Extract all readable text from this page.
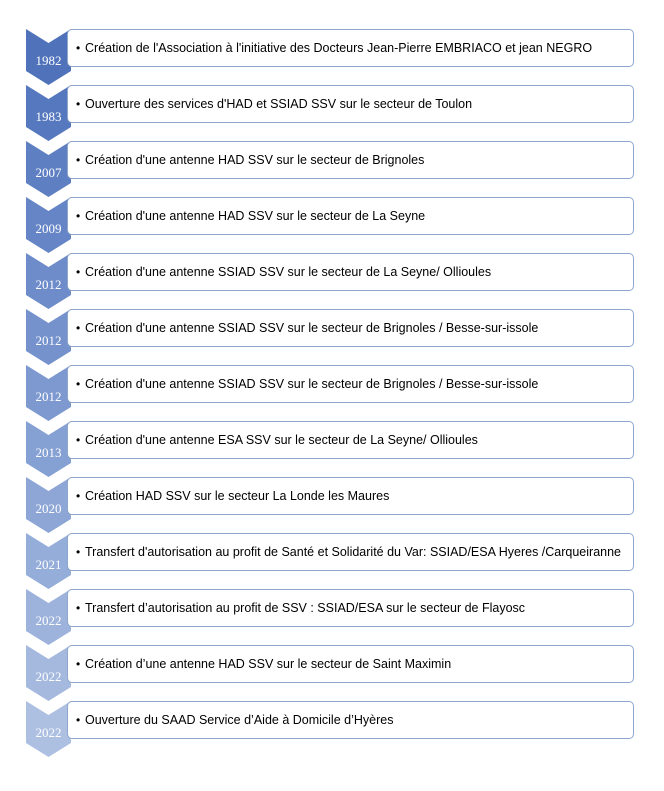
1982
• Création de l'Association à l'initiative des Docteurs Jean-Pierre EMBRIACO et jean NEGRO
1983
• Ouverture des services d'HAD et SSIAD SSV sur le secteur de Toulon
2007
• Création d'une antenne HAD SSV sur le secteur de Brignoles
2009
• Création d'une antenne HAD SSV sur le secteur de La Seyne
2012
• Création d'une antenne SSIAD SSV sur le secteur de La Seyne/ Ollioules
2012
• Création d'une antenne SSIAD SSV sur le secteur de Brignoles / Besse-sur-issole
2012
• Création d'une antenne SSIAD SSV sur le secteur de Brignoles / Besse-sur-issole
2013
• Création d'une antenne ESA SSV sur le secteur de La Seyne/ Ollioules
2020
• Création HAD SSV sur le secteur La Londe les Maures
2021
• Transfert d'autorisation au profit de Santé et Solidarité du Var: SSIAD/ESA Hyeres /Carqueiranne
2022
• Transfert d’autorisation au profit de SSV : SSIAD/ESA sur le secteur de Flayosc
2022
• Création d’une antenne HAD SSV sur le secteur de Saint Maximin
2022
• Ouverture du SAAD Service d’Aide à Domicile d’Hyères
